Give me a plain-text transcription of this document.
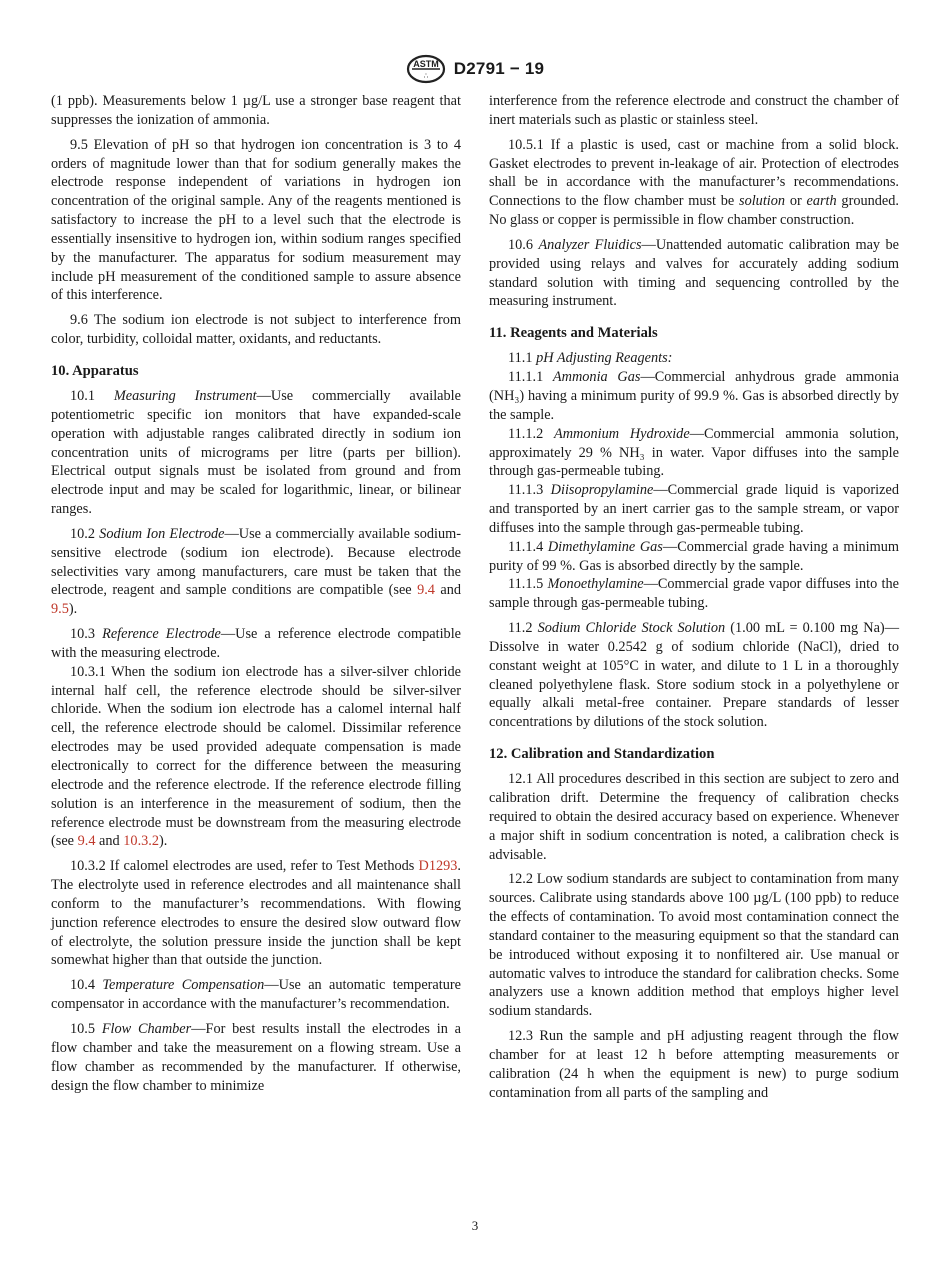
ASTM
∴ D2791 − 19

(1 ppb). Measurements below 1 µg/L use a stronger base reagent that suppresses the ionization of ammonia.

9.5 Elevation of pH so that hydrogen ion concentration is 3 to 4 orders of magnitude lower than that for sodium generally makes the electrode response independent of variations in hydrogen ion concentration of the original sample. Any of the reagents mentioned is satisfactory to increase the pH to a level such that the electrode is essentially insensitive to hydrogen ion, within sodium ranges specified by the manufacturer. The apparatus for sodium measurement may include pH measurement of the conditioned sample to assure absence of this interference.

9.6 The sodium ion electrode is not subject to interference from color, turbidity, colloidal matter, oxidants, and reductants.

10. Apparatus

10.1 Measuring Instrument—Use commercially available potentiometric specific ion monitors that have expanded-scale operation with adjustable ranges calibrated directly in sodium ion concentration units of micrograms per litre (parts per billion). Electrical output signals must be isolated from ground and from electrode input and may be scaled for logarithmic, linear, or bilinear ranges.

10.2 Sodium Ion Electrode—Use a commercially available sodium-sensitive electrode (sodium ion electrode). Because electrode selectivities vary among manufacturers, care must be taken that the electrode, reagent and sample conditions are compatible (see 9.4 and 9.5).

10.3 Reference Electrode—Use a reference electrode compatible with the measuring electrode.

10.3.1 When the sodium ion electrode has a silver-silver chloride internal half cell, the reference electrode should be silver-silver chloride. When the sodium ion electrode has a calomel internal half cell, the reference electrode should be calomel. Dissimilar reference electrodes may be used provided adequate compensation is made electronically to correct for the difference between the measuring electrode and the reference electrode. If the reference electrode filling solution is an interference in the measurement of sodium, then the reference electrode must be downstream from the measuring electrode (see 9.4 and 10.3.2).

10.3.2 If calomel electrodes are used, refer to Test Methods D1293. The electrolyte used in reference electrodes and all maintenance shall conform to the manufacturer’s recommendations. With flowing junction reference electrodes to ensure the desired slow outward flow of electrolyte, the solution pressure inside the junction shall be kept somewhat higher than that outside the junction.

10.4 Temperature Compensation—Use an automatic temperature compensator in accordance with the manufacturer’s recommendation.

10.5 Flow Chamber—For best results install the electrodes in a flow chamber and take the measurement on a flowing stream. Use a flow chamber as recommended by the manufacturer. If otherwise, design the flow chamber to minimize

interference from the reference electrode and construct the chamber of inert materials such as plastic or stainless steel.

10.5.1 If a plastic is used, cast or machine from a solid block. Gasket electrodes to prevent in-leakage of air. Protection of electrodes shall be in accordance with the manufacturer’s recommendations. Connections to the flow chamber must be solution or earth grounded. No glass or copper is permissible in flow chamber construction.

10.6 Analyzer Fluidics—Unattended automatic calibration may be provided using relays and valves for accurately adding sodium standard solution with timing and sequencing controlled by the measuring instrument.

11. Reagents and Materials

11.1 pH Adjusting Reagents:

11.1.1 Ammonia Gas—Commercial anhydrous grade ammonia (NH₃) having a minimum purity of 99.9 %. Gas is absorbed directly by the sample.

11.1.2 Ammonium Hydroxide—Commercial ammonia solution, approximately 29 % NH₃ in water. Vapor diffuses into the sample through gas-permeable tubing.

11.1.3 Diisopropylamine—Commercial grade liquid is vaporized and transported by an inert carrier gas to the sample stream, or vapor diffuses into the sample through gas-permeable tubing.

11.1.4 Dimethylamine Gas—Commercial grade having a minimum purity of 99 %. Gas is absorbed directly by the sample.

11.1.5 Monoethylamine—Commercial grade vapor diffuses into the sample through gas-permeable tubing.

11.2 Sodium Chloride Stock Solution (1.00 mL = 0.100 mg Na)—Dissolve in water 0.2542 g of sodium chloride (NaCl), dried to constant weight at 105°C in water, and dilute to 1 L in a thoroughly cleaned polyethylene flask. Store sodium stock in a polyethylene or equally alkali metal-free container. Prepare standards of lesser concentrations by dilutions of the stock solution.

12. Calibration and Standardization

12.1 All procedures described in this section are subject to zero and calibration drift. Determine the frequency of calibration checks required to obtain the desired accuracy based on experience. Whenever a major shift in sodium concentration is noted, a calibration check is advisable.

12.2 Low sodium standards are subject to contamination from many sources. Calibrate using standards above 100 µg/L (100 ppb) to reduce the effects of contamination. To avoid most contamination connect the standard container to the measuring equipment so that the standard can be introduced without exposing it to nonfiltered air. Use manual or automatic valves to introduce the standard for calibration checks. Some analyzers use a known addition method that employs higher level sodium standards.

12.3 Run the sample and pH adjusting reagent through the flow chamber for at least 12 h before attempting measurements or calibration (24 h when the equipment is new) to purge sodium contamination from all parts of the sampling and

3
